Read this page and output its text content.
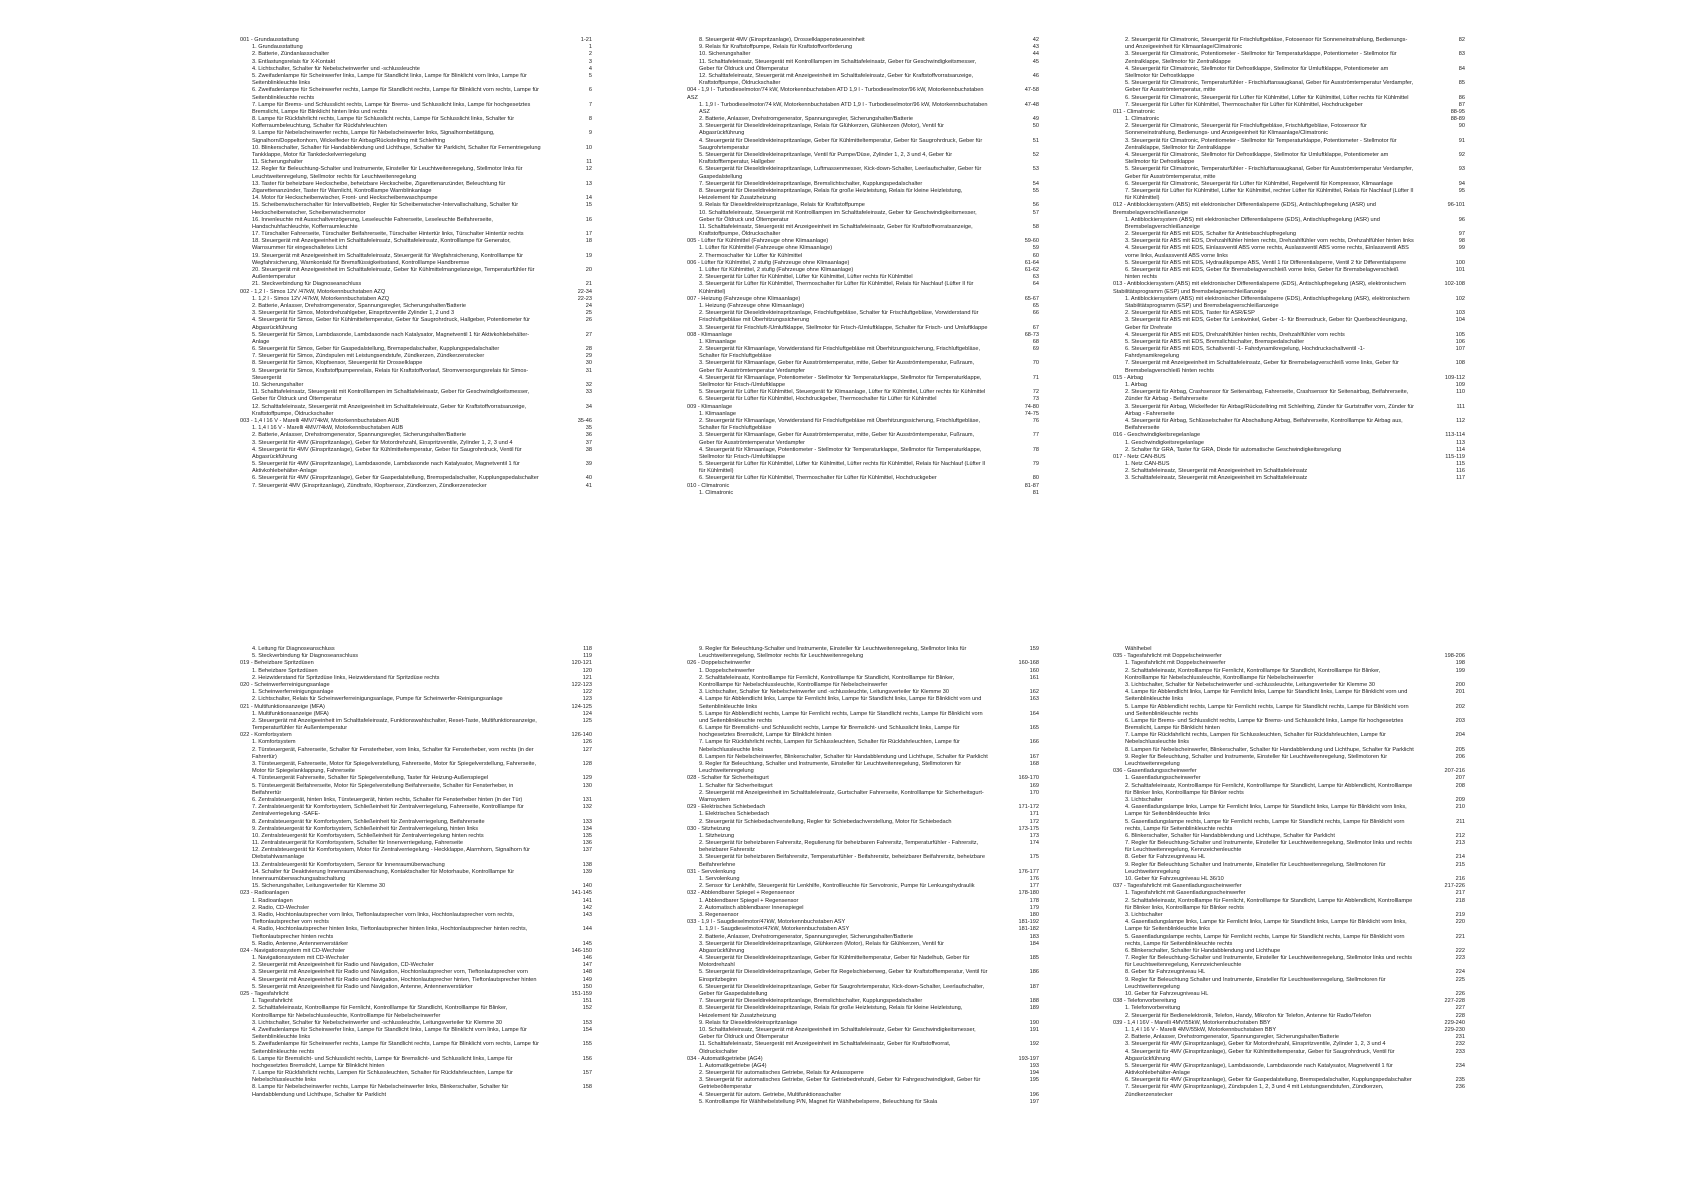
001 - Grundausstattung	1-21
1. Grundausstattung	1
2. Batterie, Zündanlassschalter	2
3. Entlastungsrelais für X-Kontakt	3
4. Lichtschalter, Schalter für Nebelscheinwerfer und -schlussleuchte	4
5. Zweifadenlampe für Scheinwerfer links, Lampe für Standlicht links, Lampe für Blinklicht vorn links, Lampe für Seitenblinkleuchte links
5
6. Zweifadenlampe für Scheinwerfer rechts, Lampe für Standlicht rechts, Lampe für Blinklicht vorn rechts, Lampe für Seitenblinkleuchte rechts
6
7. Lampe für Brems- und Schlusslicht rechts, Lampe für Brems- und Schlusslicht links, Lampe für hochgesetztes Bremslicht, Lampe für Blinklicht hinten links und rechts
7
8. Lampe für Rückfahrlicht rechts, Lampe für Schlusslicht rechts, Lampe für Schlusslicht links, Schalter für Kofferraumbeleuchtung, Schalter für Rückfahrleuchten
8
9. Lampe für Nebelscheinwerfer rechts, Lampe für Nebelscheinwerfer links, Signalhornbetätigung, Signalhorn/Doppeltonhorn, Wickelfeder für Airbag/Rückstellring mit Schleifring
9
10. Blinkerschalter, Schalter für Handabblendung und Lichthupe, Schalter für Parklicht, Schalter für Fernentriegelung Tankklappe, Motor für Tankdeckelverriegelung
10
11. Sicherungshalter	11
12. Regler für Beleuchtung-Schalter und Instrumente, Einsteller für Leuchtweitenregelung, Stellmotor links für Leuchtweitenregelung, Stellmotor rechts für Leuchtweitenregelung
12
13. Taster für beheizbare Heckscheibe, beheizbare Heckscheibe, Zigarettenanzünder, Beleuchtung für Zigarettenanzünder, Taster für Warnlicht, Kontrolllampe Warnblinkanlage
13
14. Motor für Heckscheibenwischer, Front- und Heckscheibenwaschpumpe	14
15. Scheibenwischerschalter für Intervallbetrieb, Regler für Scheibenwischer-Intervallschaltung, Schalter für Heckscheibenwischer, Scheibenwischermotor
15
16. Innenleuchte mit Ausschaltverzögerung, Leseleuchte Fahrerseite, Leseleuchte Beifahrerseite, Handschuhfachleuchte, Kofferraumleuchte
16
17. Türschalter Fahrerseite, Türschalter Beifahrerseite, Türschalter Hintertür links, Türschalter Hintertür rechts	17
18. Steuergerät mit Anzeigeeinheit im Schalttafeleinsatz, Schalttafeleinsatz, Kontrolllampe für Generator, Warnsummer für eingeschaltetes Licht
18
19. Steuergerät mit Anzeigeeinheit im Schalttafeleinsatz, Steuergerät für Wegfahrsicherung, Kontrolllampe für Wegfahrsicherung, Warnkontakt für Bremsflüssigkeitsstand, Kontrolllampe Handbremse
19
20. Steuergerät mit Anzeigeeinheit im Schalttafeleinsatz, Geber für Kühlmittelmangelanzeige, Temperaturfühler für Außentemperatur
20
21. Steckverbindung für Diagnoseanschluss	21
002 - 1,2 l - Simos 12V /47kW, Motorkennbuchstaben AZQ	22-34
1. 1,2 l - Simos 12V /47kW, Motorkennbuchstaben AZQ	22-23
2. Batterie, Anlasser, Drehstromgenerator, Spannungsregler, Sicherungshalter/Batterie	24
3. Steuergerät für Simos, Motordrehzahlgeber, Einspritzventile Zylinder 1, 2 und 3	25
4. Steuergerät für Simos, Geber für Kühlmitteltemperatur, Geber für Saugrohrdruck, Hallgeber, Potentiometer für Abgasrückführung
26
5. Steuergerät für Simos, Lambdasonde, Lambdasonde nach Katalysator, Magnetventil 1 für Aktivkohlebehälter-Anlage
27
6. Steuergerät für Simos, Geber für Gaspedalstellung, Bremspedalschalter, Kupplungspedalschalter	28
7. Steuergerät für Simos, Zündspulen mit Leistungsendstufe, Zündkerzen, Zündkerzenstecker	29
8. Steuergerät für Simos, Klopfsensor, Steuergerät für Drosselklappe	30
9. Steuergerät für Simos, Kraftstoffpumpenrelais, Relais für Kraftstoffvorlauf, Stromversorgungsrelais für Simos-Steuergerät
31
10. Sicherungshalter	32
11. Schalttafeleinsatz, Steuergerät mit Kontrolllampen im Schalttafeleinsatz, Geber für Geschwindigkeitsmesser, Geber für Öldruck und Öltemperatur
33
12. Schalttafeleinsatz, Steuergerät mit Anzeigeeinheit im Schalttafeleinsatz, Geber für Kraftstoffvorratsanzeige, Kraftstoffpumpe, Öldruckschalter
34
003 - 1,4 l 16 V - Marelli 4MV/74kW, Motorkennbuchstaben AUB	35-46
1. 1,4 l 16 V - Marelli 4MV/74kW, Motorkennbuchstaben AUB	35
2. Batterie, Anlasser, Drehstromgenerator, Spannungsregler, Sicherungshalter/Batterie	36
3. Steuergerät für 4MV (Einspritzanlage), Geber für Motordrehzahl, Einspritzventile, Zylinder 1, 2, 3 und 4	37
4. Steuergerät für 4MV (Einspritzanlage), Geber für Kühlmitteltemperatur, Geber für Saugrohrdruck, Ventil für Abgasrückführung
38
5. Steuergerät für 4MV (Einspritzanlage), Lambdasonde, Lambdasonde nach Katalysator, Magnetventil 1 für Aktivkohlebehälter-Anlage
39
6. Steuergerät für 4MV (Einspritzanlage), Geber für Gaspedalstellung, Bremspedalschalter, Kupplungspedalschalter	40
7. Steuergerät 4MV (Einspritzanlage), Zündtrafo, Klopfsensor, Zündkerzen, Zündkerzenstecker	41
8. Steuergerät 4MV (Einspritzanlage), Drosselklappensteuereinheit	42
9. Relais für Kraftstoffpumpe, Relais für Kraftstoffvorförderung	43
10. Sicherungshalter	44
11. Schalttafeleinsatz, Steuergerät mit Kontrolllampen im Schalttafeleinsatz, Geber für Geschwindigkeitsmesser, Geber für Öldruck und Öltemperatur
45
12. Schalttafeleinsatz, Steuergerät mit Anzeigeeinheit im Schalttafeleinsatz, Geber für Kraftstoffvorratsanzeige, Kraftstoffpumpe, Öldruckschalter
46
004 - 1,9 l - Turbodieselmotor/74 kW, Motorkennbuchstaben ATD 1,9 l - Turbodieselmotor/96 kW, Motorkennbuchstaben ASZ
47-58
1. 1,9 l - Turbodieselmotor/74 kW, Motorkennbuchstaben ATD 1,9 l - Turbodieselmotor/96 kW, Motorkennbuchstaben ASZ
47-48
2. Batterie, Anlasser, Drehstromgenerator, Spannungsregler, Sicherungshalter/Batterie	49
3. Steuergerät für Dieseldirekteinspritzanlage, Relais für Glühkerzen, Glühkerzen (Motor), Ventil für Abgasrückführung
50
4. Steuergerät für Dieseldirekteinspritzanlage, Geber für Kühlmitteltemperatur, Geber für Saugrohrdruck, Geber für Saugrohrtemperatur
51
5. Steuergerät für Dieseldirekteinspritzanlage, Ventil für Pumpe/Düse, Zylinder 1, 2, 3 und 4, Geber für Kraftstofftemperatur, Hallgeber
52
6. Steuergerät für Dieseldirekteinspritzanlage, Luftmassenmesser, Kick-down-Schalter, Leerlaufschalter, Geber für Gaspedalstellung
53
7. Steuergerät für Dieseldirekteinspritzanlage, Bremslichtschalter, Kupplungspedalschalter	54
8. Steuergerät für Dieseldirekteinspritzanlage, Relais für große Heizleistung, Relais für kleine Heizleistung, Heizelement für Zusatzheizung
55
9. Relais für Dieseldirekteinspritzanlage, Relais für Kraftstoffpumpe	56
10. Schalttafeleinsatz, Steuergerät mit Kontrolllampen im Schalttafeleinsatz, Geber für Geschwindigkeitsmesser, Geber für Öldruck und Öltemperatur
57
11. Schalttafeleinsatz, Steuergerät mit Anzeigeeinheit im Schalttafeleinsatz, Geber für Kraftstoffvorratsanzeige, Kraftstoffpumpe, Öldruckschalter
58
005 - Lüfter für Kühlmittel (Fahrzeuge ohne Klimaanlage)	59-60
1. Lüfter für Kühlmittel (Fahrzeuge ohne Klimaanlage)	59
2. Thermoschalter für Lüfter für Kühlmittel	60
006 - Lüfter für Kühlmittel, 2 stufig (Fahrzeuge ohne Klimaanlage)	61-64
1. Lüfter für Kühlmittel, 2 stufig (Fahrzeuge ohne Klimaanlage)	61-62
2. Steuergerät für Lüfter für Kühlmittel, Lüfter für Kühlmittel, Lüfter rechts für Kühlmittel	63
3. Steuergerät für Lüfter für Kühlmittel, Thermoschalter für Lüfter für Kühlmittel, Relais für Nachlauf (Lüfter II für Kühlmittel)
64
007 - Heizung (Fahrzeuge ohne Klimaanlage)	65-67
1. Heizung (Fahrzeuge ohne Klimaanlage)	65
2. Steuergerät für Dieseldirekteinspritzanlage, Frischluftgebläse, Schalter für Frischluftgebläse, Vorwiderstand für Frischluftgebläse mit Überhitzungssicherung
66
3. Steuergerät für Frischluft-/Umluftklappe, Stellmotor für Frisch-/Umluftklappe, Schalter für Frisch- und Umluftklappe	67
008 - Klimaanlage	68-73
1. Klimaanlage	68
2. Steuergerät für Klimaanlage, Vorwiderstand für Frischluftgebläse mit Überhitzungssicherung, Frischluftgebläse, Schalter für Frischluftgebläse
69
3. Steuergerät für Klimaanlage, Geber für Ausströmtemperatur, mitte, Geber für Ausströmtemperatur, Fußraum, Geber für Ausströmtemperatur Verdampfer
70
4. Steuergerät für Klimaanlage, Potentiometer - Stellmotor für Temperaturklappe, Stellmotor für Temperaturklappe, Stellmotor für Frisch-/Umluftklappe
71
5. Steuergerät für Lüfter für Kühlmittel, Steuergerät für Klimaanlage, Lüfter für Kühlmittel, Lüfter rechts für Kühlmittel	72
6. Steuergerät für Lüfter für Kühlmittel, Hochdruckgeber, Thermoschalter für Lüfter für Kühlmittel	73
009 - Klimaanlage	74-80
1. Klimaanlage	74-75
2. Steuergerät für Klimaanlage, Vorwiderstand für Frischluftgebläse mit Überhitzungssicherung, Frischluftgebläse, Schalter für Frischluftgebläse
76
3. Steuergerät für Klimaanlage, Geber für Ausströmtemperatur, mitte, Geber für Ausströmtemperatur, Fußraum, Geber für Ausströmtemperatur Verdampfer
77
4. Steuergerät für Klimaanlage, Potentiometer - Stellmotor für Temperaturklappe, Stellmotor für Temperaturklappe, Stellmotor für Frisch-/Umluftklappe
78
5. Steuergerät für Lüfter für Kühlmittel, Lüfter für Kühlmittel, Lüfter rechts für Kühlmittel, Relais für Nachlauf (Lüfter II für Kühlmittel)
79
6. Steuergerät für Lüfter für Kühlmittel, Thermoschalter für Lüfter für Kühlmittel, Hochdruckgeber	80
010 - Climatronic	81-87
1. Climatronic	81
2. Steuergerät für Climatronic, Steuergerät für Frischluftgebläse, Fotosensor für Sonneneinstrahlung, Bedienungs- und Anzeigeeinheit für Klimaanlage/Climatronic
82
3. Steuergerät für Climatronic, Potentiometer - Stellmotor für Temperaturklappe, Potentiometer - Stellmotor für Zentralklappe, Stellmotor für Zentralklappe
83
4. Steuergerät für Climatronic, Stellmotor für Defrostklappe, Stellmotor für Umluftklappe, Potentiometer am Stellmotor für Defrostklappe
84
5. Steuergerät für Climatronic, Temperaturfühler - Frischluftansaugkanal, Geber für Ausströmtemperatur Verdampfer, Geber für Ausströmtemperatur, mitte
85
6. Steuergerät für Climatronic, Steuergerät für Lüfter für Kühlmittel, Lüfter für Kühlmittel, Lüfter rechts für Kühlmittel	86
7. Steuergerät für Lüfter für Kühlmittel, Thermoschalter für Lüfter für Kühlmittel, Hochdruckgeber	87
011 - Climatronic	88-95
1. Climatronic	88-89
2. Steuergerät für Climatronic, Steuergerät für Frischluftgebläse, Frischluftgebläse, Fotosensor für Sonneneinstrahlung, Bedienungs- und Anzeigeeinheit für Klimaanlage/Climatronic
90
3. Steuergerät für Climatronic, Potentiometer - Stellmotor für Temperaturklappe, Potentiometer - Stellmotor für Zentralklappe, Stellmotor für Zentralklappe
91
4. Steuergerät für Climatronic, Stellmotor für Defrostklappe, Stellmotor für Umluftklappe, Potentiometer am Stellmotor für Defrostklappe
92
5. Steuergerät für Climatronic, Temperaturfühler - Frischluftansaugkanal, Geber für Ausströmtemperatur Verdampfer, Geber für Ausströmtemperatur, mitte
93
6. Steuergerät für Climatronic, Steuergerät für Lüfter für Kühlmittel, Regelventil für Kompressor, Klimaanlage	94
7. Steuergerät für Lüfter für Kühlmittel, Lüfter für Kühlmittel, rechter Lüfter für Kühlmittel, Relais für Nachlauf (Lüfter II für Kühlmittel)
95
012 - Antiblockiersystem (ABS) mit elektronischer Differentialsperre (EDS), Antischlupfregelung (ASR) und Bremsbelagverschleißanzeige
96-101
1. Antiblockiersystem (ABS) mit elektronischer Differentialsperre (EDS), Antischlupfregelung (ASR) und Bremsbelagverschleißanzeige
96
2. Steuergerät für ABS mit EDS, Schalter für Antriebsschlupfregelung	97
3. Steuergerät für ABS mit EDS, Drehzahlfühler hinten rechts, Drehzahlfühler vorn rechts, Drehzahlfühler hinten links	98
4. Steuergerät für ABS mit EDS, Einlassventil ABS vorne rechts, Auslassventil ABS vorne rechts, Einlassventil ABS vorne links, Auslassventil ABS vorne links
99
5. Steuergerät für ABS mit EDS, Hydraulikpumpe ABS, Ventil 1 für Differentialsperre, Ventil 2 für Differentialsperre	100
6. Steuergerät für ABS mit EDS, Geber für Bremsbelagverschleiß vorne links, Geber für Bremsbelagverschleiß hinten rechts
101
013 - Antiblockiersystem (ABS) mit elektronischer Differentialsperre (EDS), Antischlupfregelung (ASR), elektronischem Stabilitätsprogramm (ESP) und Bremsbelagverschleißanzeige
102-108
1. Antiblockiersystem (ABS) mit elektronischer Differentialsperre (EDS), Antischlupfregelung (ASR), elektronischem Stabilitätsprogramm (ESP) und Bremsbelagverschleißanzeige
102
2. Steuergerät für ABS mit EDS, Taster für ASR/ESP	103
3. Steuergerät für ABS mit EDS, Geber für Lenkwinkel, Geber -1- für Bremsdruck, Geber für Querbeschleunigung, Geber für Drehrate
104
4. Steuergerät für ABS mit EDS, Drehzahlfühler hinten rechts, Drehzahlfühler vorn rechts	105
5. Steuergerät für ABS mit EDS, Bremslichtschalter, Bremspedalschalter	106
6. Steuergerät für ABS mit EDS, Schaltventil -1- Fahrdynamikregelung, Hochdruckschaltventil -1- Fahrdynamikregelung
107
7. Steuergerät mit Anzeigeeinheit im Schalttafeleinsatz, Geber für Bremsbelagverschleiß vorne links, Geber für Bremsbelagverschleiß hinten rechts
108
015 - Airbag	109-112
1. Airbag	109
2. Steuergerät für Airbag, Crashsensor für Seitenairbag, Fahrerseite, Crashsensor für Seitenairbag, Beifahrerseite, Zünder für Airbag - Beifahrerseite
110
3. Steuergerät für Airbag, Wickelfeder für Airbag/Rückstellring mit Schleifring, Zünder für Gurtstraffer vorn, Zünder für Airbag - Fahrerseite
111
4. Steuergerät für Airbag, Schlüsselschalter für Abschaltung Airbag, Beifahrerseite, Kontrolllampe für Airbag aus, Beifahrerseite
112
016 - Geschwindigkeitsregelanlage	113-114
1. Geschwindigkeitsregelanlage	113
2. Schalter für GRA, Taster für GRA, Diode für automatische Geschwindigkeitsregelung	114
017 - Netz CAN-BUS	115-119
1. Netz CAN-BUS	115
2. Schalttafeleinsatz, Steuergerät mit Anzeigeeinheit im Schalttafeleinsatz	116
3. Schalttafeleinsatz, Steuergerät mit Anzeigeeinheit im Schalttafeleinsatz	117
4. Leitung für Diagnoseanschluss	118
5. Steckverbindung für Diagnoseanschluss	119
019 - Beheizbare Spritzdüsen	120-121
1. Beheizbare Spritzdüsen	120
2. Heizwiderstand für Spritzdüse links, Heizwiderstand für Spritzdüse rechts	121
020 - Scheinwerferreinigungsanlage	122-123
1. Scheinwerferreinigungsanlage	122
2. Lichtschalter, Relais für Scheinwerferreinigungsanlage, Pumpe für Scheinwerfer-Reinigungsanlage	123
021 - Multifunktionsanzeige (MFA)	124-125
1. Multifunktionsanzeige (MFA)	124
2. Steuergerät mit Anzeigeeinheit im Schalttafeleinsatz, Funktionswahlschalter, Reset-Taste, Multifunktionsanzeige, Temperaturfühler für Außentemperatur
125
022 - Komfortsystem	126-140
1. Komfortsystem	126
2. Türsteuergerät, Fahrerseite, Schalter für Fensterheber, vorn links, Schalter für Fensterheber, vorn rechts (in der Fahrertür)
127
3. Türsteuergerät, Fahrerseite, Motor für Spiegelverstellung, Fahrerseite, Motor für Spiegelverstellung, Fahrerseite, Motor für Spiegelanklappung, Fahrerseite
128
4. Türsteuergerät Fahrerseite, Schalter für Spiegelverstellung, Taster für Heizung-Außenspiegel	129
5. Türsteuergerät Beifahrerseite, Motor für Spiegelverstellung Beifahrerseite, Schalter für Fensterheber, in Beifahrertür
130
6. Zentralsteuergerät, hinten links, Türsteuergerät, hinten rechts, Schalter für Fensterheber hinten (in der Tür)	131
7. Zentralsteuergerät für Komfortsystem, Schließeinheit für Zentralverriegelung, Fahrerseite, Kontrolllampe für Zentralverriegelung -SAFE-
132
8. Zentralsteuergerät für Komfortsystem, Schließeinheit für Zentralverriegelung, Beifahrerseite	133
9. Zentralsteuergerät für Komfortsystem, Schließeinheit für Zentralverriegelung, hinten links	134
10. Zentralsteuergerät für Komfortsystem, Schließeinheit für Zentralverriegelung hinten rechts	135
11. Zentralsteuergerät für Komfortsystem, Schalter für Innenverriegelung, Fahrerseite	136
12. Zentralsteuergerät für Komfortsystem, Motor für Zentralverriegelung - Heckklappe, Alarmhorn, Signalhorn für Diebstahlwarnanlage
137
13. Zentralsteuergerät für Komfortsystem, Sensor für Innenraumüberwachung	138
14. Schalter für Deaktivierung Innenraumüberwachung, Kontaktschalter für Motorhaube, Kontrolllampe für Innenraumüberwachungsabschaltung
139
15. Sicherungshalter, Leitungsverteiler für Klemme 30	140
023 - Radioanlagen	141-145
1. Radioanlagen	141
2. Radio, CD-Wechsler	142
3. Radio, Hochtonlautsprecher vorn links, Tieftonlautsprecher vorn links, Hochtonlautsprecher vorn rechts, Tieftonlautsprecher vorn rechts
143
4. Radio, Hochtonlautsprecher hinten links, Tieftonlautsprecher hinten links, Hochtonlautsprecher hinten rechts, Tieftonlautsprecher hinten rechts
144
5. Radio, Antenne, Antennenverstärker	145
024 - Navigationssystem mit CD-Wechsler	146-150
1. Navigationssystem mit CD-Wechsler	146
2. Steuergerät mit Anzeigeeinheit für Radio und Navigation, CD-Wechsler	147
3. Steuergerät mit Anzeigeeinheit für Radio und Navigation, Hochtonlautsprecher vorn, Tieftonlautsprecher vorn	148
4. Steuergerät mit Anzeigeeinheit für Radio und Navigation, Hochtonlautsprecher hinten, Tieftonlautsprecher hinten	149
5. Steuergerät mit Anzeigeeinheit für Radio und Navigation, Antenne, Antennenverstärker	150
025 - Tagesfahrlicht	151-159
1. Tagesfahrlicht	151
2. Schalttafeleinsatz, Kontrolllampe für Fernlicht, Kontrolllampe für Standlicht, Kontrolllampe für Blinker, Kontrolllampe für Nebelschlussleuchte, Kontrolllampe für Nebelscheinwerfer
152
3. Lichtschalter, Schalter für Nebelscheinwerfer und -schlussleuchte, Leitungsverteiler für Klemme 30	153
4. Zweifadenlampe für Scheinwerfer links, Lampe für Standlicht links, Lampe für Blinklicht vorn links, Lampe für Seitenblinkleuchte links
154
5. Zweifadenlampe für Scheinwerfer rechts, Lampe für Standlicht rechts, Lampe für Blinklicht vorn rechts, Lampe für Seitenblinkleuchte rechts
155
6. Lampe für Bremslicht- und Schlusslicht rechts, Lampe für Bremslicht- und Schlusslicht links, Lampe für hochgesetztes Bremslicht, Lampe für Blinklicht hinten
156
7. Lampe für Rückfahrlicht rechts, Lampen für Schlussleuchten, Schalter für Rückfahrleuchten, Lampe für Nebelschlussleuchte links
157
8. Lampe für Nebelscheinwerfer rechts, Lampe für Nebelscheinwerfer links, Blinkerschalter, Schalter für Handabblendung und Lichthupe, Schalter für Parklicht
158
9. Regler für Beleuchtung-Schalter und Instrumente, Einsteller für Leuchtweitenregelung, Stellmotor links für Leuchtweitenregelung, Stellmotor rechts für Leuchtweitenregelung
159
026 - Doppelscheinwerfer	160-168
1. Doppelscheinwerfer	160
2. Schalttafeleinsatz, Kontrolllampe für Fernlicht, Kontrolllampe für Standlicht, Kontrolllampe für Blinker, Kontrolllampe für Nebelschlussleuchte, Kontrolllampe für Nebelscheinwerfer
161
3. Lichtschalter, Schalter für Nebelscheinwerfer und -schlussleuchte, Leitungsverteiler für Klemme 30	162
4. Lampe für Abblendlicht links, Lampe für Fernlicht links, Lampe für Standlicht links, Lampe für Blinklicht vorn und Seitenblinkleuchte links
163
5. Lampe für Abblendlicht rechts, Lampe für Fernlicht rechts, Lampe für Standlicht rechts, Lampe für Blinklicht vorn und Seitenblinkleuchte rechts
164
6. Lampe für Bremslicht- und Schlusslicht rechts, Lampe für Bremslicht- und Schlusslicht links, Lampe für hochgesetztes Bremslicht, Lampe für Blinklicht hinten
165
7. Lampe für Rückfahrlicht rechts, Lampen für Schlussleuchten, Schalter für Rückfahrleuchten, Lampe für Nebelschlussleuchte links
166
8. Lampen für Nebelscheinwerfer, Blinkerschalter, Schalter für Handabblendung und Lichthupe, Schalter für Parklicht	167
9. Regler für Beleuchtung, Schalter und Instrumente, Einsteller für Leuchtweitenregelung, Stellmotoren für Leuchtweitenregelung
168
028 - Schalter für Sicherheitsgurt	169-170
1. Schalter für Sicherheitsgurt	169
2. Steuergerät mit Anzeigeeinheit im Schalttafeleinsatz, Gurtschalter Fahrerseite, Kontrolllampe für Sicherheitsgurt-Warnsystem
170
029 - Elektrisches Schiebedach	171-172
1. Elektrisches Schiebedach	171
2. Steuergerät für Schiebedachverstellung, Regler für Schiebedachverstellung, Motor für Schiebedach	172
030 - Sitzheizung	173-175
1. Sitzheizung	173
2. Steuergerät für beheizbaren Fahrersitz, Regulierung für beheizbaren Fahrersitz, Temperaturfühler - Fahrersitz, beheizbarer Fahrersitz
174
3. Steuergerät für beheizbaren Beifahrersitz, Temperaturfühler - Beifahrersitz, beheizbarer Beifahrersitz, beheizbare Beifahrerlehne
175
031 - Servolenkung	176-177
1. Servolenkung	176
2. Sensor für Lenkhilfe, Steuergerät für Lenkhilfe, Kontrollleuchte für Servotronic, Pumpe für Lenkungshydraulik	177
032 - Abblendbarer Spiegel + Regensensor	178-180
1. Abblendbarer Spiegel + Regensensor	178
2. Automatisch abblendbarer Innenspiegel	179
3. Regensensor	180
033 - 1,9 l - Saugdieselmotor/47kW, Motorkennbuchstaben ASY	181-192
1. 1,9 l - Saugdieselmotor/47kW, Motorkennbuchstaben ASY	181-182
2. Batterie, Anlasser, Drehstromgenerator, Spannungsregler, Sicherungshalter/Batterie	183
3. Steuergerät für Dieseldirekteinspritzanlage, Glühkerzen (Motor), Relais für Glühkerzen, Ventil für Abgasrückführung
184
4. Steuergerät für Dieseldirekteinspritzanlage, Geber für Kühlmitteltemperatur, Geber für Nadelhub, Geber für Motordrehzahl
185
5. Steuergerät für Dieseldirekteinspritzanlage, Geber für Regelschieberweg, Geber für Kraftstofftemperatur, Ventil für Einspritzbeginn
186
6. Steuergerät für Dieseldirekteinspritzanlage, Geber für Saugrohrtemperatur, Kick-down-Schalter, Leerlaufschalter, Geber für Gaspedalstellung
187
7. Steuergerät für Dieseldirekteinspritzanlage, Bremslichtschalter, Kupplungspedalschalter	188
8. Steuergerät für Dieseldirekteinspritzanlage, Relais für große Heizleistung, Relais für kleine Heizleistung, Heizelement für Zusatzheizung
189
9. Relais für Dieseldirekteinspritzanlage	190
10. Schalttafeleinsatz, Steuergerät mit Anzeigeeinheit im Schalttafeleinsatz, Geber für Geschwindigkeitsmesser, Geber für Öldruck und Öltemperatur
191
11. Schalttafeleinsatz, Steuergerät mit Anzeigeeinheit im Schalttafeleinsatz, Geber für Kraftstoffvorrat, Öldruckschalter
192
034 - Automatikgetriebe (AG4)	193-197
1. Automatikgetriebe (AG4)	193
2. Steuergerät für automatisches Getriebe, Relais für Anlasssperre	194
3. Steuergerät für automatisches Getriebe, Geber für Getriebedrehzahl, Geber für Fahrgeschwindigkeit, Geber für Getriebeöltemperatur
195
4. Steuergerät für autom. Getriebe, Multifunktionsschalter	196
5. Kontrolllampe für Wählhebelstellung P/N, Magnet für Wählhebelsperre, Beleuchtung für Skala	197
Wählhebel
035 - Tagesfahrlicht mit Doppelscheinwerfer	198-206
1. Tagesfahrlicht mit Doppelscheinwerfer	198
2. Schalttafeleinsatz, Kontrolllampe für Fernlicht, Kontrolllampe für Standlicht, Kontrolllampe für Blinker, Kontrolllampe für Nebelschlussleuchte, Kontrolllampe für Nebelscheinwerfer
199
3. Lichtschalter, Schalter für Nebelscheinwerfer und -schlussleuchte, Leitungsverteiler für Klemme 30	200
4. Lampe für Abblendlicht links, Lampe für Fernlicht links, Lampe für Standlicht links, Lampe für Blinklicht vorn und Seitenblinkleuchte links
201
5. Lampe für Abblendlicht rechts, Lampe für Fernlicht rechts, Lampe für Standlicht rechts, Lampe für Blinklicht vorn und Seitenblinkleuchte rechts
202
6. Lampe für Brems- und Schlusslicht rechts, Lampe für Brems- und Schlusslicht links, Lampe für hochgesetztes Bremslicht, Lampe für Blinklicht hinten
203
7. Lampe für Rückfahrlicht rechts, Lampen für Schlussleuchten, Schalter für Rückfahrleuchten, Lampe für Nebelschlussleuchte links
204
8. Lampen für Nebelscheinwerfer, Blinkerschalter, Schalter für Handabblendung und Lichthupe, Schalter für Parklicht	205
9. Regler für Beleuchtung, Schalter und Instrumente, Einsteller für Leuchtweitenregelung, Stellmotoren für Leuchtweitenregelung
206
036 - Gasentladungsscheinwerfer	207-216
1. Gasentladungsscheinwerfer	207
2. Schalttafeleinsatz, Kontrolllampe für Fernlicht, Kontrolllampe für Standlicht, Lampe für Abblendlicht, Kontrolllampe für Blinker links, Kontrolllampe für Blinker rechts
208
3. Lichtschalter	209
4. Gasentladungslampe links, Lampe für Fernlicht links, Lampe für Standlicht links, Lampe für Blinklicht vorn links, Lampe für Seitenblinkleuchte links
210
5. Gasentladungslampe rechts, Lampe für Fernlicht rechts, Lampe für Standlicht rechts, Lampe für Blinklicht vorn rechts, Lampe für Seitenblinkleuchte rechts
211
6. Blinkerschalter, Schalter für Handabblendung und Lichthupe, Schalter für Parklicht	212
7. Regler für Beleuchtung-Schalter und Instrumente, Einsteller für Leuchtweitenregelung, Stellmotor links und rechts für Leuchtweitenregelung, Kennzeichenleuchte
213
8. Geber für Fahrzeugniveau HL	214
9. Regler für Beleuchtung Schalter und Instrumente, Einsteller für Leuchtweitenregelung, Stellmotoren für Leuchtweitenregelung
215
10. Geber für Fahrzeugniveau HL 36/10	216
037 - Tagesfahrlicht mit Gasentladungsscheinwerfer	217-226
1. Tagesfahrlicht mit Gasentladungsscheinwerfer	217
2. Schalttafeleinsatz, Kontrolllampe für Fernlicht, Kontrolllampe für Standlicht, Lampe für Abblendlicht, Kontrolllampe für Blinker links, Kontrolllampe für Blinker rechts
218
3. Lichtschalter	219
4. Gasentladungslampe links, Lampe für Fernlicht links, Lampe für Standlicht links, Lampe für Blinklicht vorn links, Lampe für Seitenblinkleuchte links
220
5. Gasentladungslampe rechts, Lampe für Fernlicht rechts, Lampe für Standlicht rechts, Lampe für Blinklicht vorn rechts, Lampe für Seitenblinkleuchte rechts
221
6. Blinkerschalter, Schalter für Handabblendung und Lichthupe	222
7. Regler für Beleuchtung-Schalter und Instrumente, Einsteller für Leuchtweitenregelung, Stellmotor links und rechts für Leuchtweitenregelung, Kennzeichenleuchte
223
8. Geber für Fahrzeugniveau HL	224
9. Regler für Beleuchtung Schalter und Instrumente, Einsteller für Leuchtweitenregelung, Stellmotoren für Leuchtweitenregelung
225
10. Geber für Fahrzeugniveau HL	226
038 - Telefonvorbereitung	227-228
1. Telefonvorbereitung	227
2. Steuergerät für Bedienelektronik, Telefon, Handy, Mikrofon für Telefon, Antenne für Radio/Telefon	228
039 - 1,4 l 16V - Marelli 4MV/55kW, Motorkennbuchstaben BBY	229-240
1. 1,4 l 16 V - Marelli 4MV/55kW, Motorkennbuchstaben BBY	229-230
2. Batterie, Anlasser, Drehstromgenerator, Spannungsregler, Sicherungshalter/Batterie	231
3. Steuergerät für 4MV (Einspritzanlage), Geber für Motordrehzahl, Einspritzventile, Zylinder 1, 2, 3 und 4	232
4. Steuergerät für 4MV (Einspritzanlage), Geber für Kühlmitteltemperatur, Geber für Saugrohrdruck, Ventil für Abgasrückführung
233
5. Steuergerät für 4MV (Einspritzanlage), Lambdasonde, Lambdasonde nach Katalysator, Magnetventil 1 für Aktivkohlebehälter-Anlage
234
6. Steuergerät für 4MV (Einspritzanlage), Geber für Gaspedalstellung, Bremspedalschalter, Kupplungspedalschalter	235
7. Steuergerät für 4MV (Einspritzanlage), Zündspulen 1, 2, 3 und 4 mit Leistungsendstufen, Zündkerzen, Zündkerzenstecker
236
